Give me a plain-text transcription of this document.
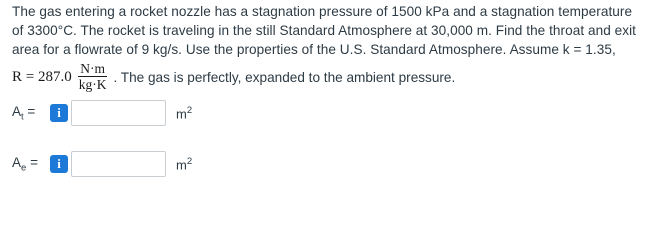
The gas entering a rocket nozzle has a stagnation pressure of 1500 kPa and a stagnation temperature

of 3300°C. The rocket is traveling in the still Standard Atmosphere at 30,000 m. Find the throat and exit

area for a flowrate of 9 kg/s. Use the properties of the U.S. Standard Atmosphere. Assume k = 1.35,

$R = 287.0 \frac{N\cdot m}{kg\cdot K}$ . The gas is perfectly, expanded to the ambient pressure.
$A_t$ =	i	$m^2$
$A_e$ =	i	$m^2$
